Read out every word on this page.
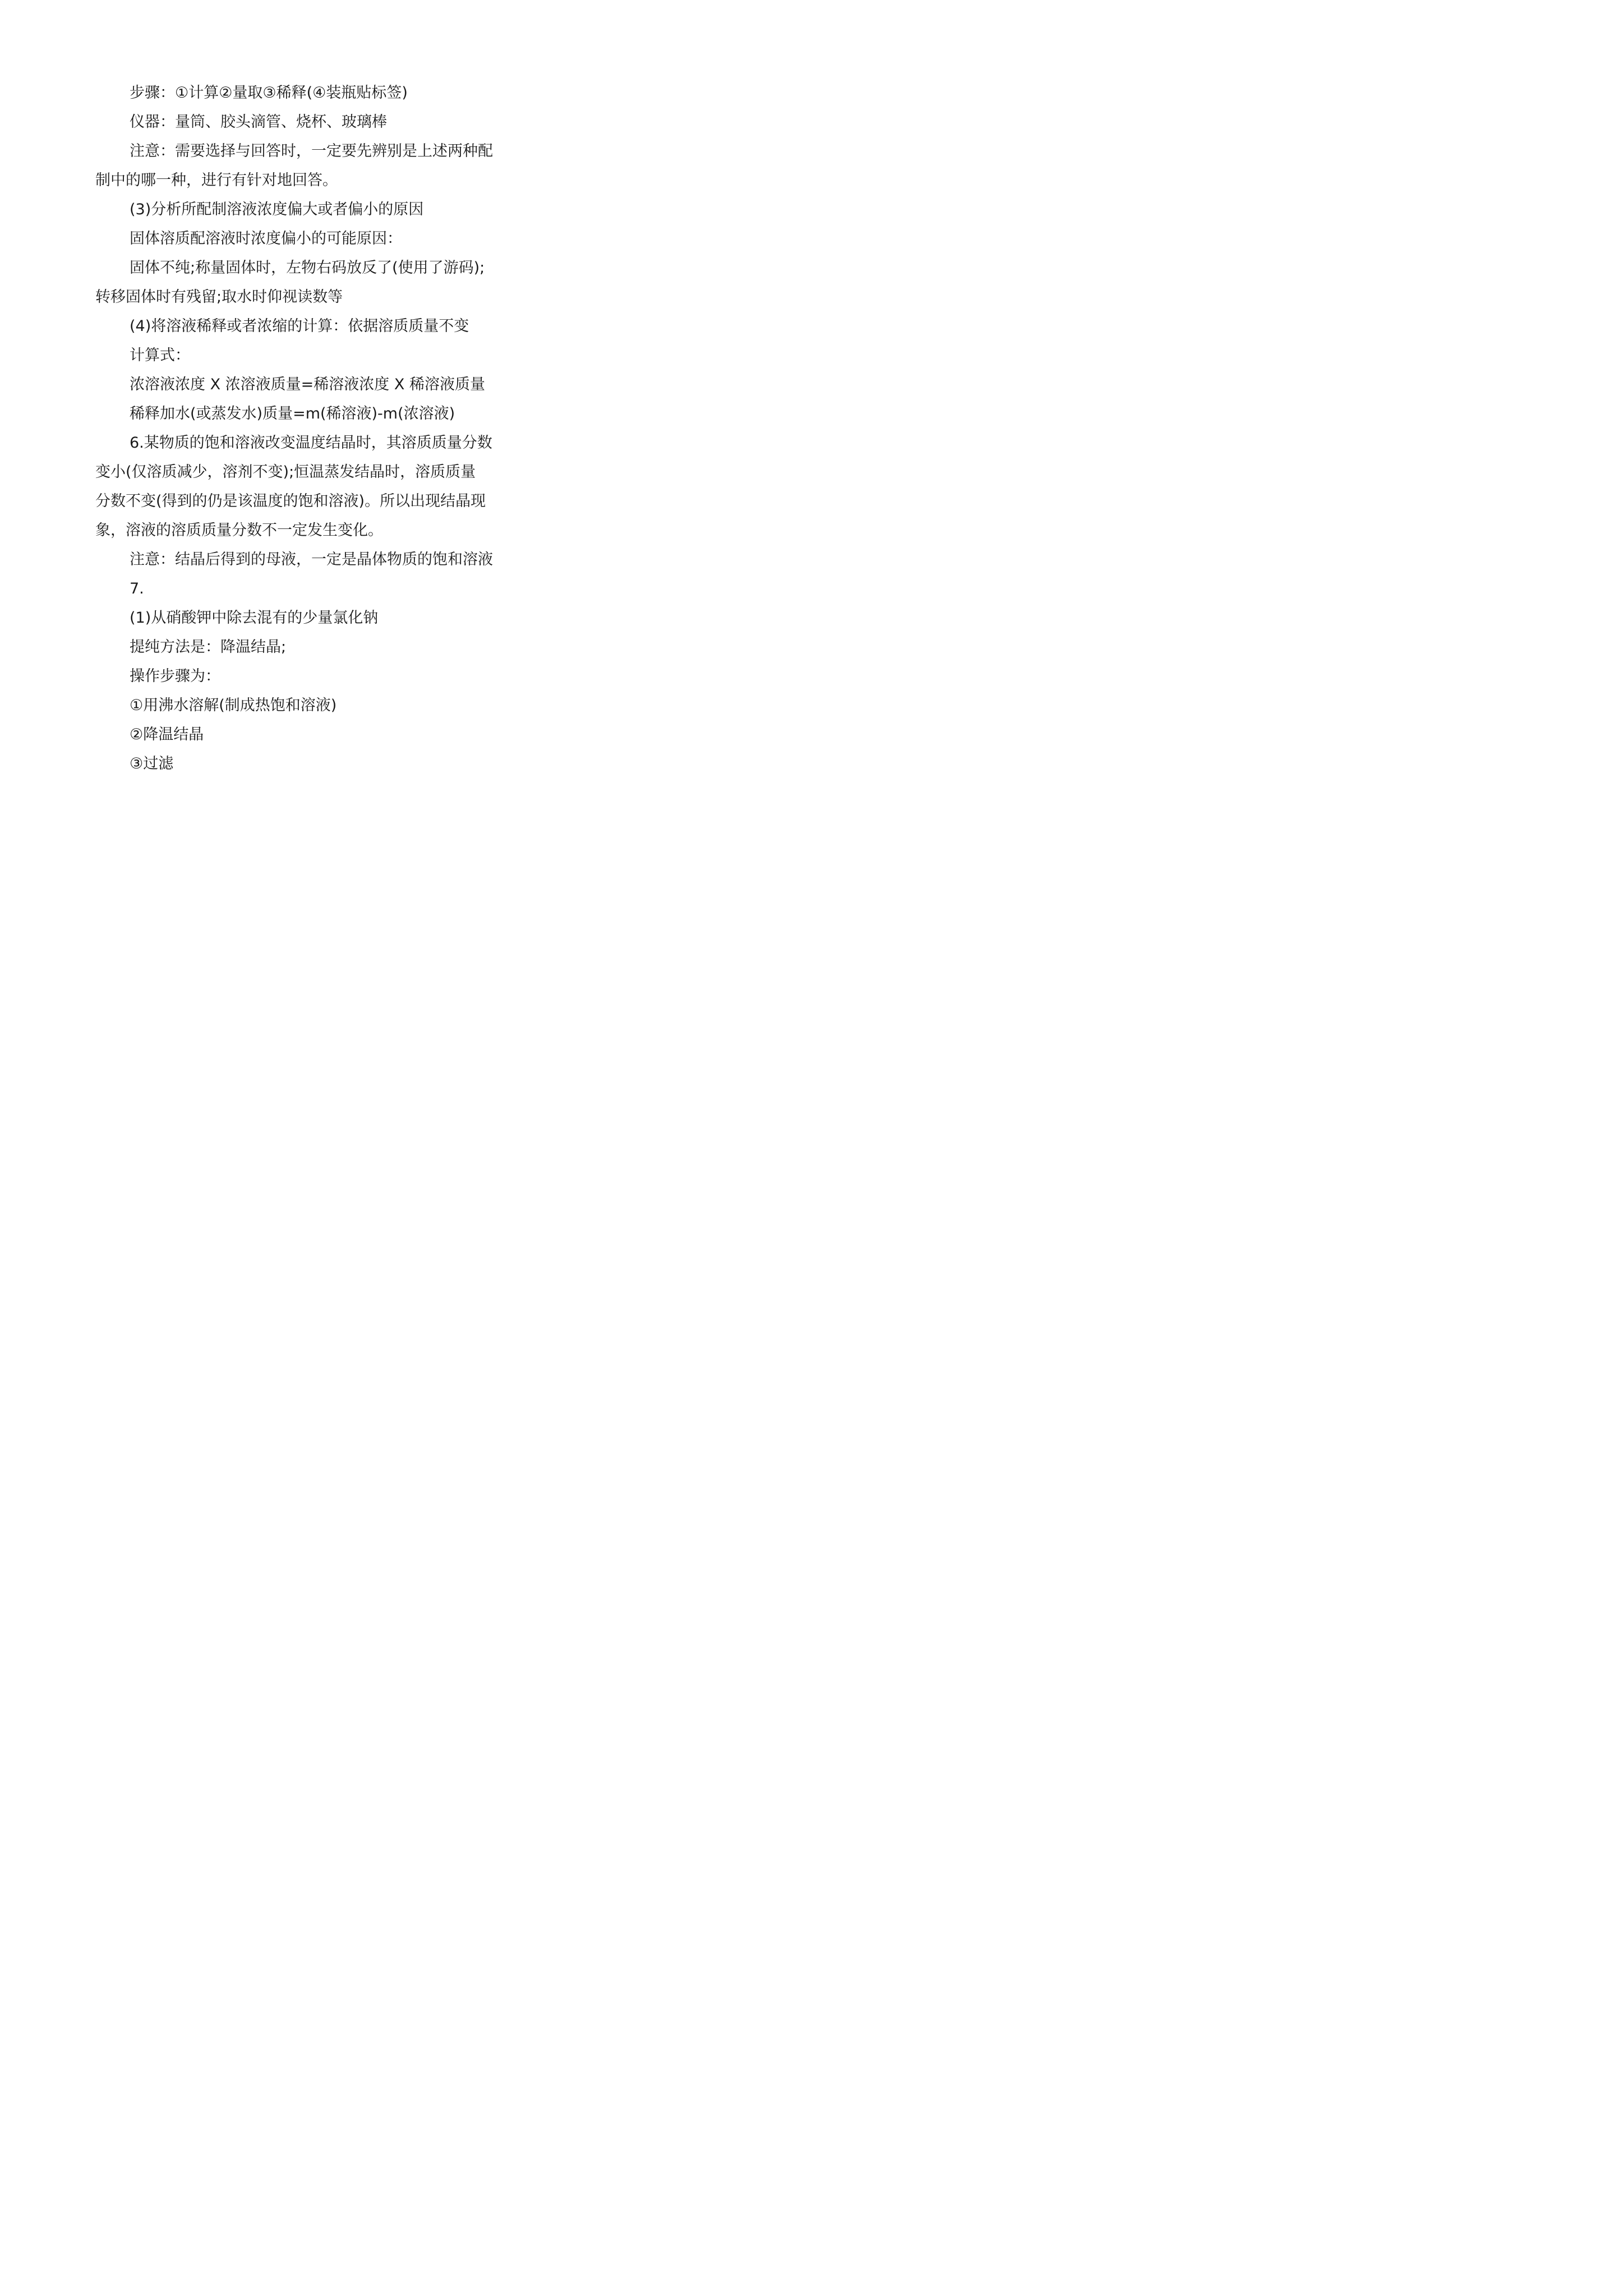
步骤：①计算②量取③稀释(④装瓶贴标签)
仪器：量筒、胶头滴管、烧杯、玻璃棒
注意：需要选择与回答时，一定要先辨别是上述两种配
制中的哪一种，进行有针对地回答。
(3)分析所配制溶液浓度偏大或者偏小的原因
固体溶质配溶液时浓度偏小的可能原因：
固体不纯;称量固体时，左物右码放反了(使用了游码);
转移固体时有残留;取水时仰视读数等
(4)将溶液稀释或者浓缩的计算：依据溶质质量不变
计算式：
浓溶液浓度 X 浓溶液质量=稀溶液浓度 X 稀溶液质量
稀释加水(或蒸发水)质量=m(稀溶液)-m(浓溶液)
6.某物质的饱和溶液改变温度结晶时，其溶质质量分数
变小(仅溶质减少，溶剂不变);恒温蒸发结晶时，溶质质量
分数不变(得到的仍是该温度的饱和溶液)。所以出现结晶现
象，溶液的溶质质量分数不一定发生变化。
注意：结晶后得到的母液，一定是晶体物质的饱和溶液
7.
(1)从硝酸钾中除去混有的少量氯化钠
提纯方法是：降温结晶;
操作步骤为：
①用沸水溶解(制成热饱和溶液)
②降温结晶
③过滤
